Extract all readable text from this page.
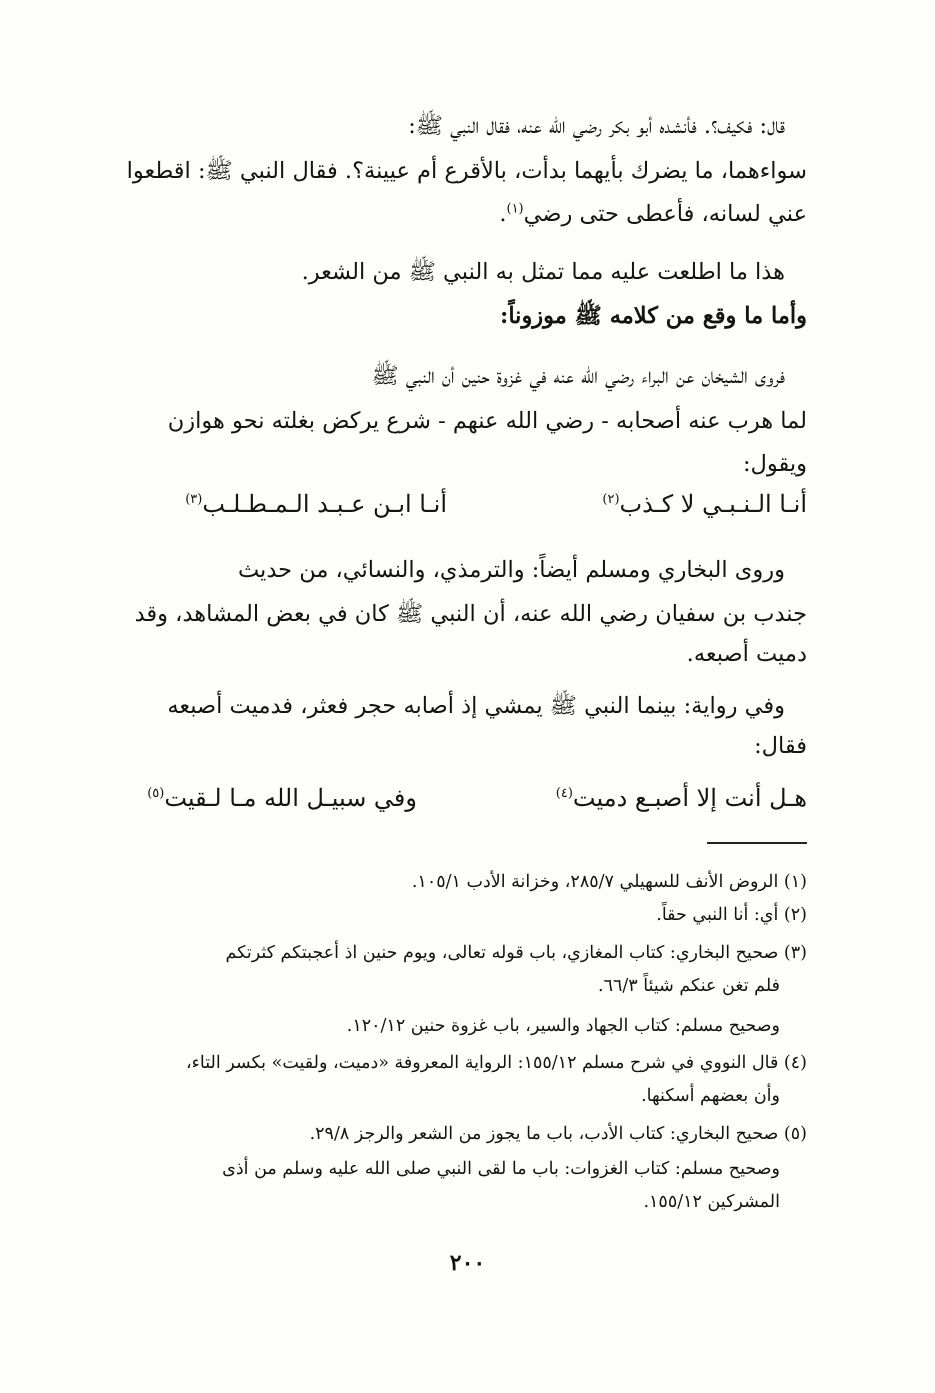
قال: فكيف؟. فأنشده أبو بكر رضي الله عنه، فقال النبي ﷺ:

سواءهما، ما يضرك بأيهما بدأت، بالأقرع أم عيينة؟. فقال النبي ﷺ: اقطعوا

عني لسانه، فأعطى حتى رضي$^{(١)}$.

هذا ما اطلعت عليه مما تمثل به النبي ﷺ من الشعر.

وأما ما وقع من كلامه ﷺ موزوناً:

فروى الشيخان عن البراء رضي الله عنه في غزوة حنين أن النبي ﷺ

لما هرب عنه أصحابه - رضي الله عنهم - شرع يركض بغلته نحو هوازن

ويقول:

أنـا الـنـبـي لا كـذب$^{(٢)}$
أنـا ابـن عـبـد الـمـطـلـب$^{(٣)}$

وروى البخاري ومسلم أيضاً: والترمذي، والنسائي، من حديث

جندب بن سفيان رضي الله عنه، أن النبي ﷺ كان في بعض المشاهد، وقد

دميت أصبعه.

وفي رواية: بينما النبي ﷺ يمشي إذ أصابه حجر فعثر، فدميت أصبعه

فقال:

هـل أنت إلا أصبـع دميت$^{(٤)}$
وفي سبيـل الله مـا لـقيت$^{(٥)}$

(١) الروض الأنف للسهيلي ٢٨٥/٧، وخزانة الأدب ١٠٥/١.

(٢) أي: أنا النبي حقاً.

(٣) صحيح البخاري: كتاب المغازي، باب قوله تعالى، ويوم حنين اذ أعجبتكم كثرتكم

فلم تغن عنكم شيئاً ٦٦/٣.

وصحيح مسلم: كتاب الجهاد والسير، باب غزوة حنين ١٢٠/١٢.

(٤) قال النووي في شرح مسلم ١٥٥/١٢: الرواية المعروفة «دميت، ولقيت» بكسر التاء،

وأن بعضهم أسكنها.

(٥) صحيح البخاري: كتاب الأدب، باب ما يجوز من الشعر والرجز ٢٩/٨.

وصحيح مسلم: كتاب الغزوات: باب ما لقى النبي صلى الله عليه وسلم من أذى

المشركين ١٥٥/١٢.

٢٠٠
